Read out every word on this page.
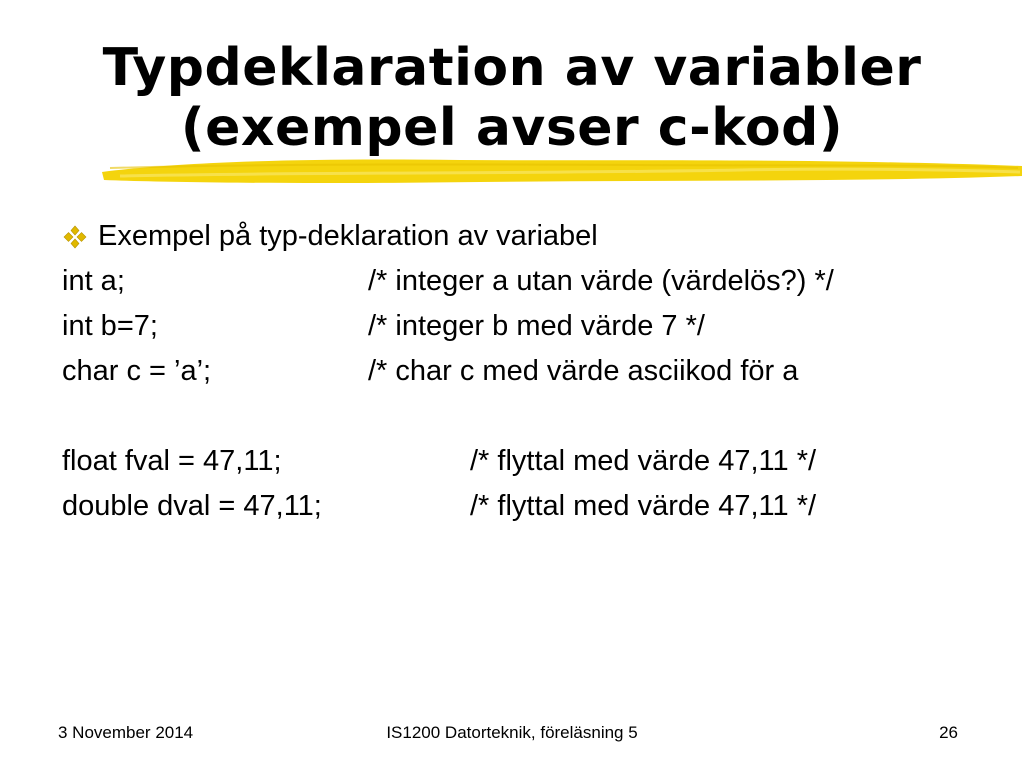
Typdeklaration av variabler
(exempel avser c-kod)
Exempel på typ-deklaration av variabel
int a;	/* integer a utan värde (värdelös?) */
int b=7;	/* integer b med värde 7 */
char c = ’a’;	/* char c med värde asciikod för a
float fval = 47,11;	/* flyttal med värde 47,11 */
double dval = 47,11;	/* flyttal med värde 47,11 */
3 November 2014	IS1200 Datorteknik, föreläsning 5	26
